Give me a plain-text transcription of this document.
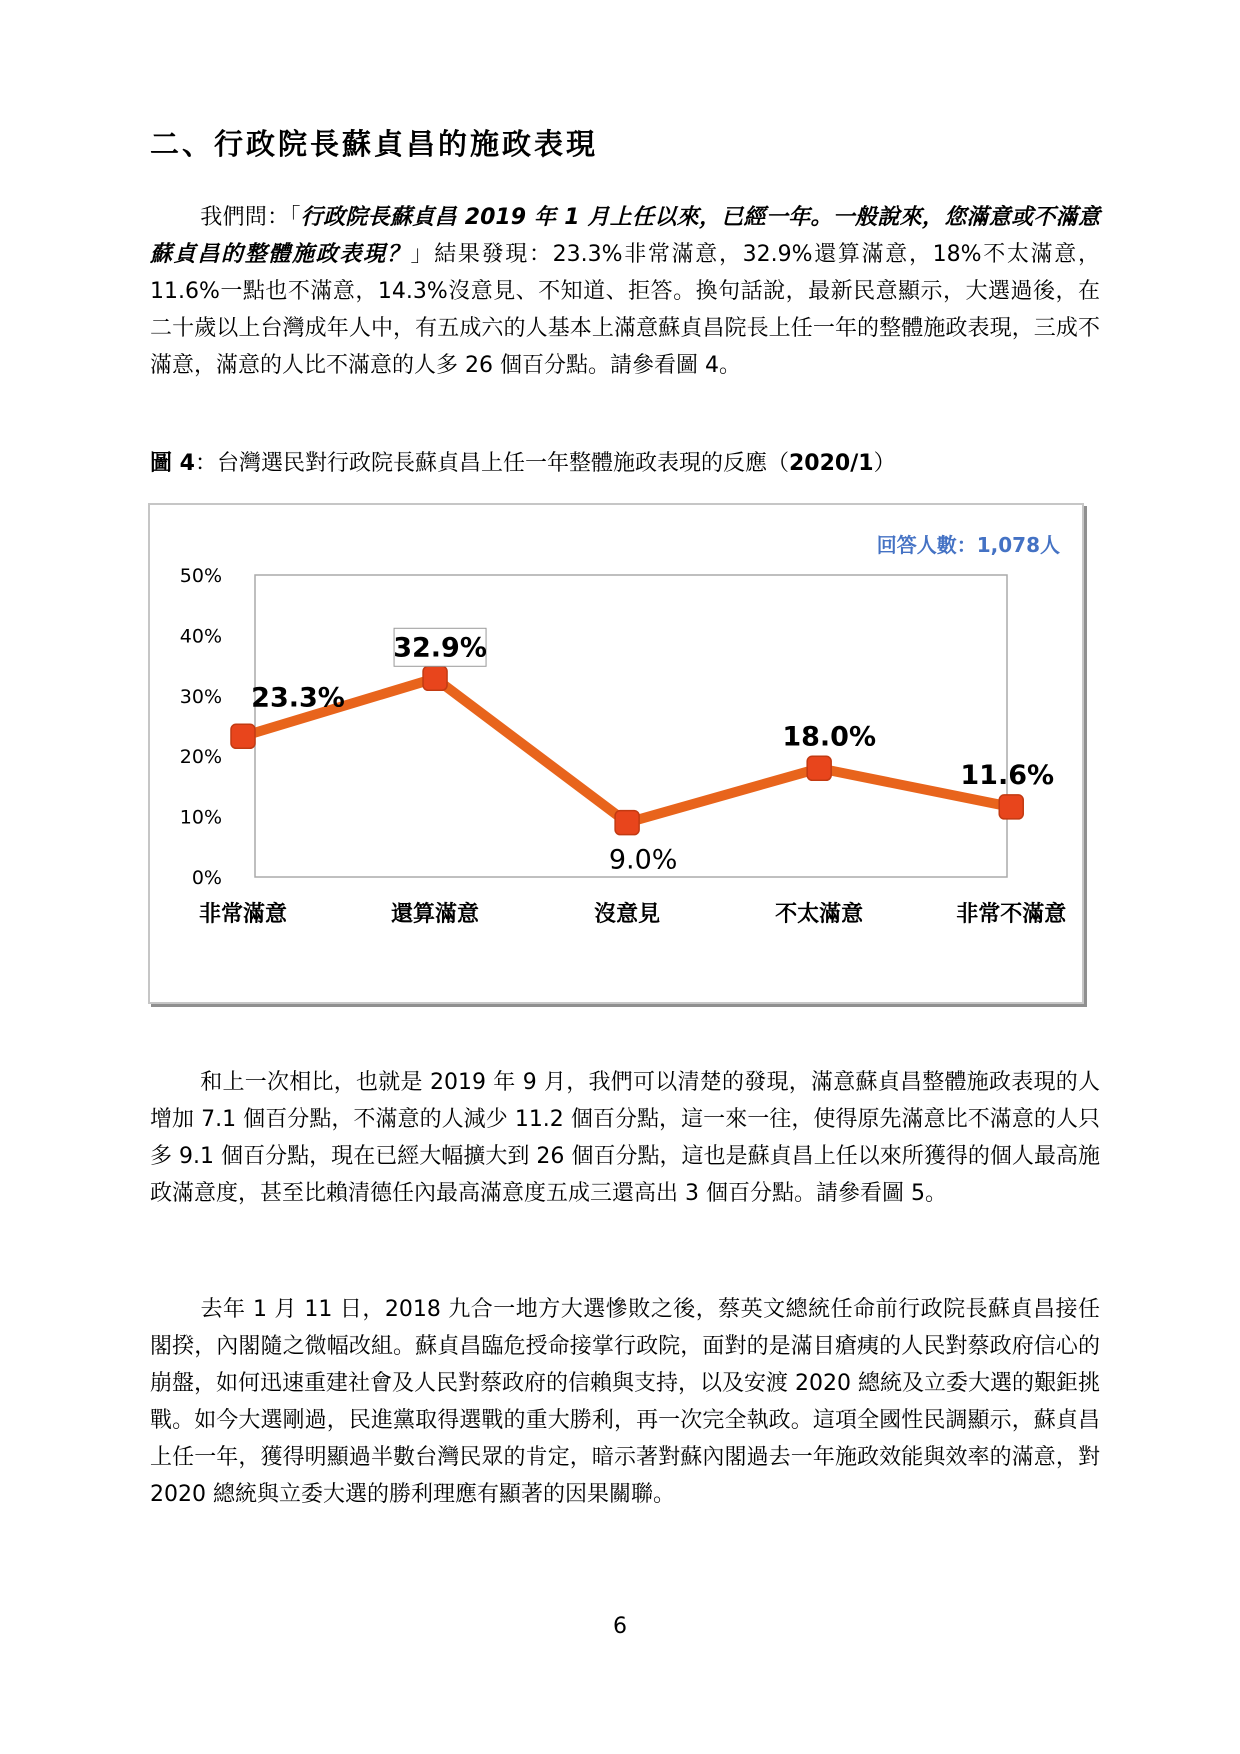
二、行政院長蘇貞昌的施政表現

我們問：「行政院長蘇貞昌 2019 年 1 月上任以來，已經一年。一般說來，您滿意或不滿意蘇貞昌的整體施政表現？」結果發現：23.3%非常滿意，32.9%還算滿意，18%不太滿意，11.6%一點也不滿意，14.3%沒意見、不知道、拒答。換句話說，最新民意顯示，大選過後，在二十歲以上台灣成年人中，有五成六的人基本上滿意蘇貞昌院長上任一年的整體施政表現，三成不滿意，滿意的人比不滿意的人多 26 個百分點。請參看圖 4。

圖 4：台灣選民對行政院長蘇貞昌上任一年整體施政表現的反應（2020/1）
回答人數：1,078人
0%
10%
20%
30%
40%
50%
非常滿意	還算滿意	沒意見	不太滿意	非常不滿意
23.3%
32.9%
9.0%
18.0%
11.6%

和上一次相比，也就是 2019 年 9 月，我們可以清楚的發現，滿意蘇貞昌整體施政表現的人增加 7.1 個百分點，不滿意的人減少 11.2 個百分點，這一來一往，使得原先滿意比不滿意的人只多 9.1 個百分點，現在已經大幅擴大到 26 個百分點，這也是蘇貞昌上任以來所獲得的個人最高施政滿意度，甚至比賴清德任內最高滿意度五成三還高出 3 個百分點。請參看圖 5。

去年 1 月 11 日，2018 九合一地方大選慘敗之後，蔡英文總統任命前行政院長蘇貞昌接任閣揆，內閣隨之微幅改組。蘇貞昌臨危授命接掌行政院，面對的是滿目瘡痍的人民對蔡政府信心的崩盤，如何迅速重建社會及人民對蔡政府的信賴與支持，以及安渡 2020 總統及立委大選的艱鉅挑戰。如今大選剛過，民進黨取得選戰的重大勝利，再一次完全執政。這項全國性民調顯示，蘇貞昌上任一年，獲得明顯過半數台灣民眾的肯定，暗示著對蘇內閣過去一年施政效能與效率的滿意，對 2020 總統與立委大選的勝利理應有顯著的因果關聯。

6
